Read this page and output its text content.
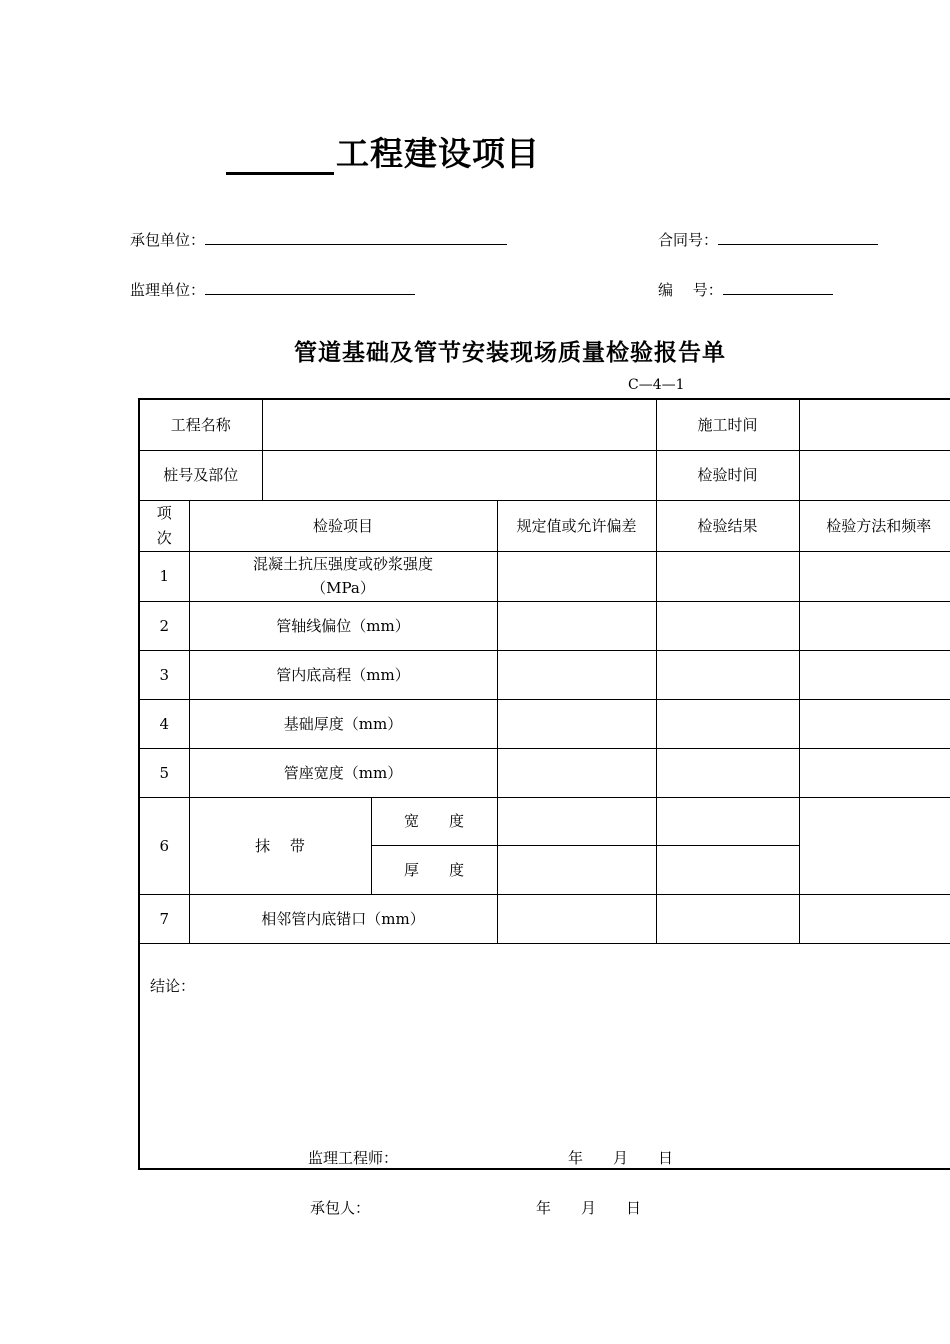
工程建设项目
承包单位：	合同号：
监理单位：	编　 号：
管道基础及管节安装现场质量检验报告单
C—4—1
工程名称					施工时间	
桩号及部位					检验时间	
项次	检验项目			规定值或允许偏差	检验结果	检验方法和频率
1	混凝土抗压强度或砂浆强度
（MPa）					

2	管轴线偏位（mm）					
3	管内底高程（mm）					
4	基础厚度（mm）					
5	管座宽度（mm）					
6	抹　 带		宽　　度			
			厚　　度			
7	相邻管内底错口（mm）					

结论：
监理工程师： 年　　月　　日						
承包人：	年　　月　　日
